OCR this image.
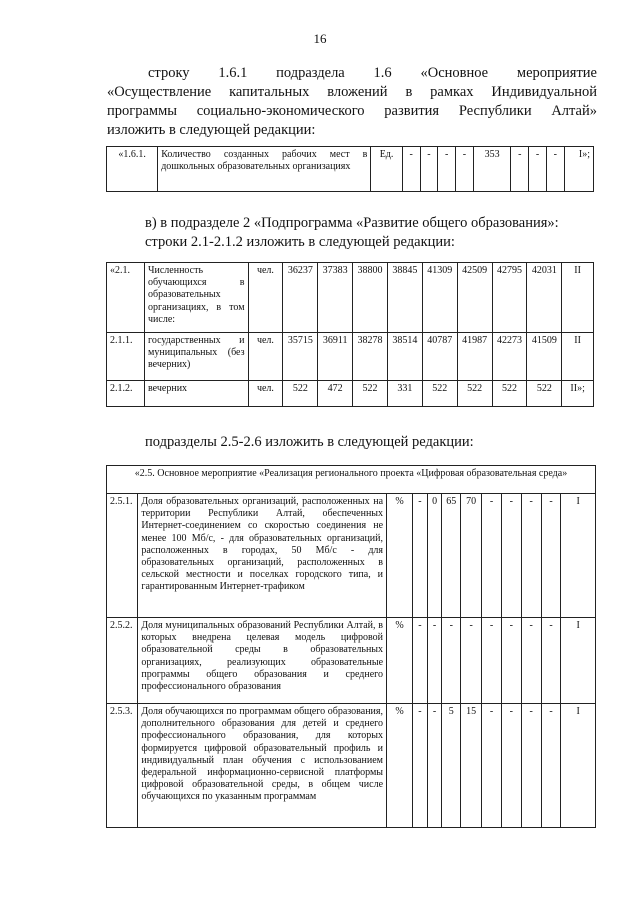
16
строку 1.6.1 подраздела 1.6 «Основное мероприятие
«Осуществление капитальных вложений в рамках Индивидуальной
программы социально-экономического развития Республики Алтай»
изложить в следующей редакции:
«1.6.1.	Количество созданных рабочих мест в дошкольных образовательных организациях	Ед.	-	-	-	-	353	-	-	-	I»;
в) в подразделе 2 «Подпрограмма «Развитие общего образования»:
строки 2.1-2.1.2 изложить в следующей редакции:
«2.1.	Численность обучающихся в образовательных организациях, в том числе:	чел.	36237	37383	38800	38845	41309	42509	42795	42031	II
2.1.1.	государственных и муниципальных (без вечерних)	чел.	35715	36911	38278	38514	40787	41987	42273	41509	II
2.1.2.	вечерних	чел.	522	472	522	331	522	522	522	522	II»;
подразделы 2.5-2.6 изложить в следующей редакции:
«2.5. Основное мероприятие «Реализация регионального проекта «Цифровая образовательная среда»											
2.5.1.	Доля образовательных организаций, расположенных на территории Республики Алтай, обеспеченных Интернет-соединением со скоростью соединения не менее 100 Мб/с, - для образовательных организаций, расположенных в городах, 50 Мб/с - для образовательных организаций, расположенных в сельской местности и поселках городского типа, и гарантированным Интернет-трафиком	%	-	0	65	70	-	-	-	-	I
2.5.2.	Доля муниципальных образований Республики Алтай, в которых внедрена целевая модель цифровой образовательной среды в образовательных организациях, реализующих образовательные программы общего образования и среднего профессионального образования	%	-	-	-	-	-	-	-	-	I
2.5.3.	Доля обучающихся по программам общего образования, дополнительного образования для детей и среднего профессионального образования, для которых формируется цифровой образовательный профиль и индивидуальный план обучения с использованием федеральной информационно-сервисной платформы цифровой образовательной среды, в общем числе обучающихся по указанным программам	%	-	-	5	15	-	-	-	-	I
